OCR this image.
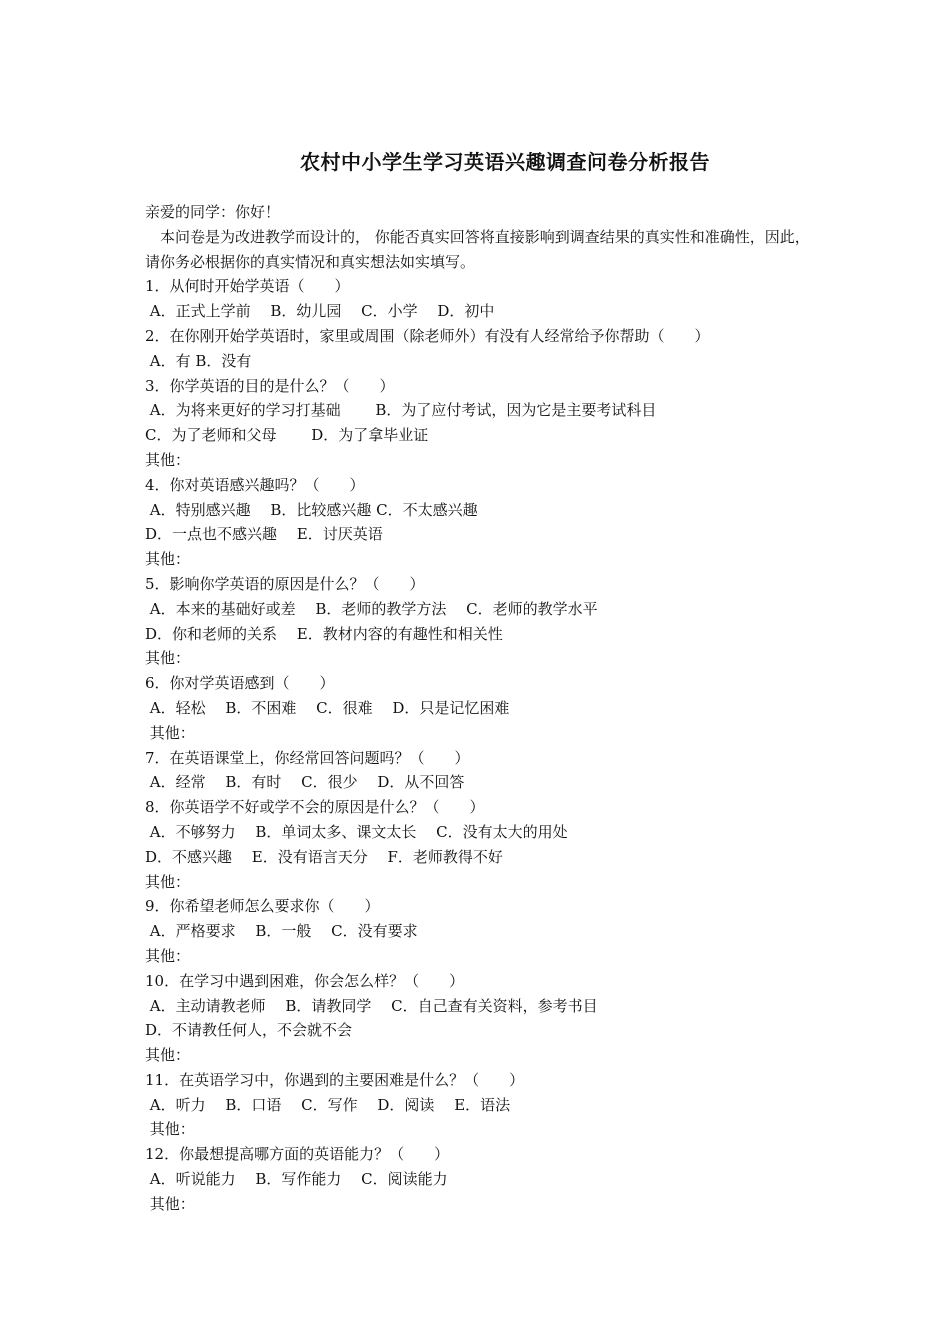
农村中小学生学习英语兴趣调查问卷分析报告
亲爱的同学：你好！
本问卷是为改进教学而设计的， 你能否真实回答将直接影响到调查结果的真实性和准确性，因此，请你务必根据你的真实情况和真实想法如实填写。
1．从何时开始学英语（　　）
A．正式上学前　 B．幼儿园　 C．小学　 D．初中
2．在你刚开始学英语时，家里或周围（除老师外）有没有人经常给予你帮助（　　）
A．有 B．没有
3．你学英语的目的是什么？（　　）
A．为将来更好的学习打基础　　 B．为了应付考试，因为它是主要考试科目
C．为了老师和父母　　 D．为了拿毕业证
其他：
4．你对英语感兴趣吗？（　　）
A．特别感兴趣　 B．比较感兴趣 C．不太感兴趣
D．一点也不感兴趣　 E．讨厌英语
其他：
5．影响你学英语的原因是什么？（　　）
A．本来的基础好或差　 B．老师的教学方法　 C．老师的教学水平
D．你和老师的关系　 E．教材内容的有趣性和相关性
其他：
6．你对学英语感到（　　）
A．轻松　 B．不困难　 C．很难　 D．只是记忆困难
其他：
7．在英语课堂上，你经常回答问题吗？（　　）
A．经常　 B．有时　 C．很少　 D．从不回答
8．你英语学不好或学不会的原因是什么？（　　）
A．不够努力　 B．单词太多、课文太长　 C．没有太大的用处
D．不感兴趣　 E．没有语言天分　 F．老师教得不好
其他：
9．你希望老师怎么要求你（　　）
A．严格要求　 B．一般　 C．没有要求
其他：
10．在学习中遇到困难，你会怎么样？（　　）
A．主动请教老师　 B．请教同学　 C．自己查有关资料，参考书目
D．不请教任何人，不会就不会
其他：
11．在英语学习中，你遇到的主要困难是什么？（　　）
A．听力　 B．口语　 C．写作　 D．阅读　 E．语法
其他：
12．你最想提高哪方面的英语能力？（　　）
A．听说能力　 B．写作能力　 C．阅读能力
其他：
